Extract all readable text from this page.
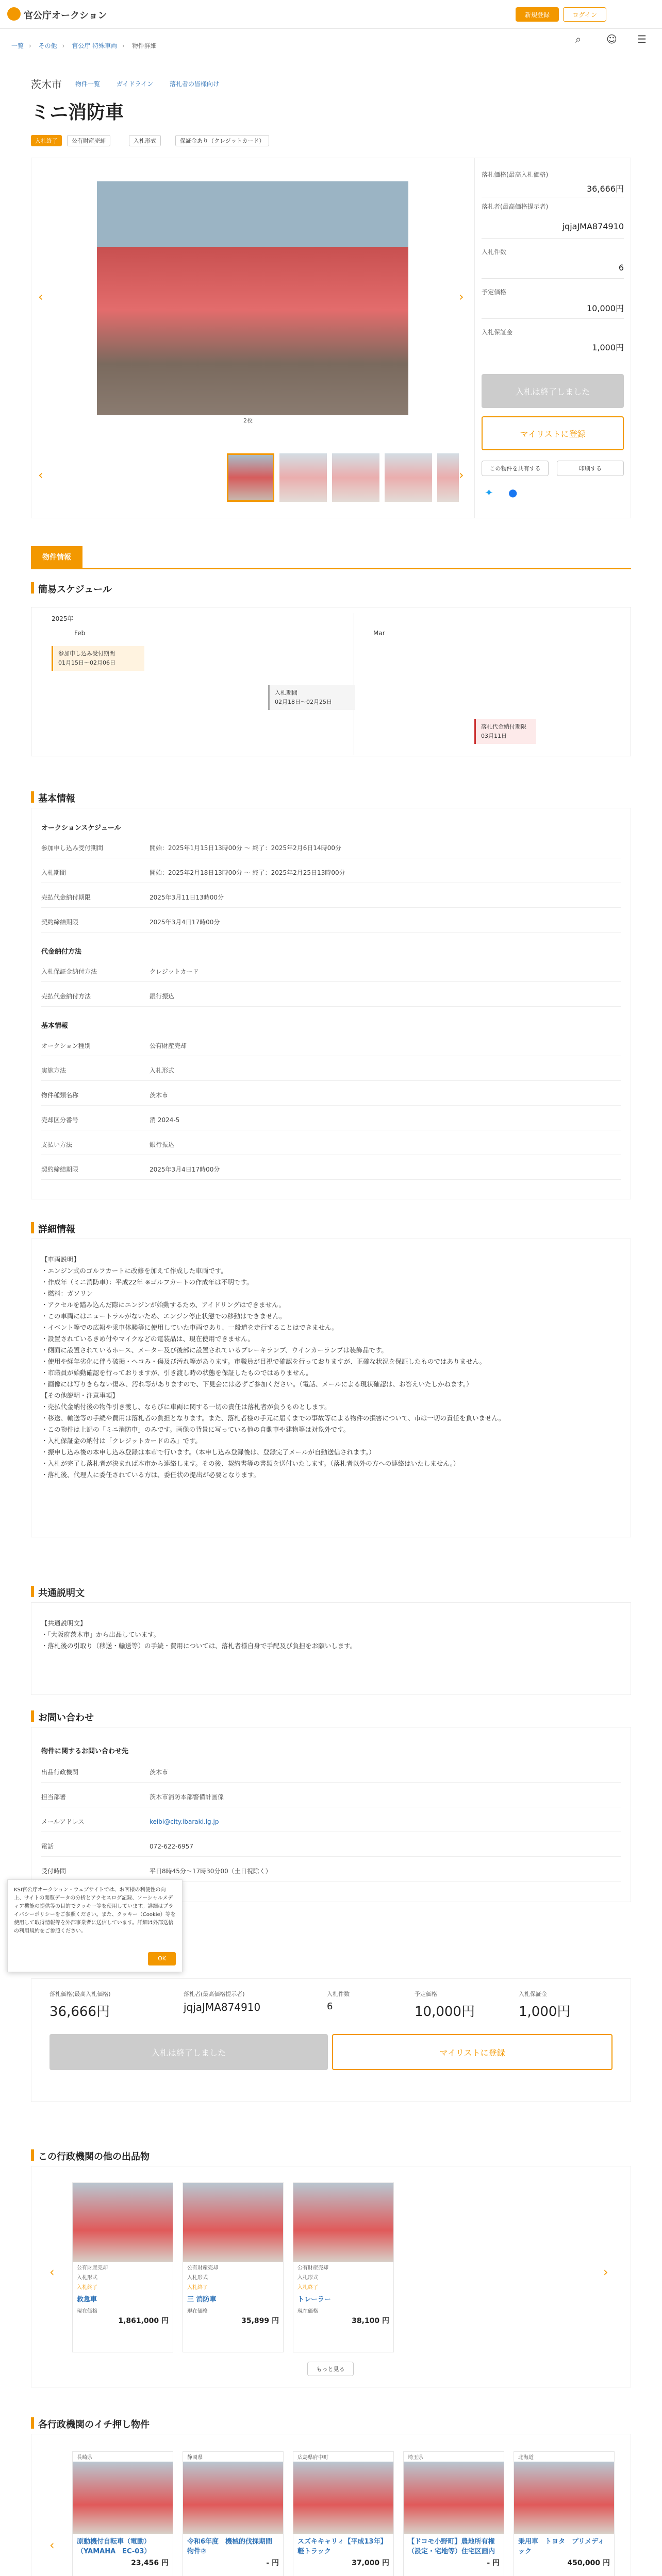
官公庁オークション	新規登録	ログイン
⌕ ☺ ☰
一覧 › その他 › 官公庁 特殊車両 › 物件詳細
茨木市 物件一覧	ガイドライン	落札者の皆様向け
ミニ消防車
入札終了	公有財産売却	入札形式	保証金あり（クレジットカード）
2枚
‹	›
‹	›
落札価格(最高入札価格)
36,666円
落札者(最高価格提示者)
jqjaJMA874910
入札件数
6
予定価格
10,000円
入札保証金
1,000円
入札は終了しました
マイリストに登録
この物件を共有する	印刷する
✦ ●
物件情報
簡易スケジュール
2025年
Feb	Mar
参加申し込み受付期間
01月15日～02月06日
入札期間
02月18日～02月25日
落札代金納付期限
03月11日
基本情報
オークションスケジュール
参加申し込み受付期間	開始：2025年1月15日13時00分 ～ 終了：2025年2月6日14時00分
入札期間	開始：2025年2月18日13時00分 ～ 終了：2025年2月25日13時00分
売払代金納付期限	2025年3月11日13時00分
契約締結期限	2025年3月4日17時00分
代金納付方法
入札保証金納付方法	クレジットカード
売払代金納付方法	銀行振込
基本情報
オークション種別	公有財産売却
実施方法	入札形式
物件種類名称	茨木市
売却区分番号	消 2024-5
支払い方法	銀行振込
契約締結期限	2025年3月4日17時00分
詳細情報
【車両説明】
・エンジン式のゴルフカートに改修を加えて作成した車両です。
・作成年（ミニ消防車）：平成22年 ※ゴルフカートの作成年は不明です。
・燃料：ガソリン
・アクセルを踏み込んだ際にエンジンが始動するため、アイドリングはできません。
・この車両にはニュートラルがないため、エンジン停止状態での移動はできません。
・イベント等での広報や乗車体験等に使用していた車両であり、一般道を走行することはできません。
・設置されているきめ付やマイクなどの電装品は、現在使用できません。
・側面に設置されているホース、メーター及び後部に設置されているブレーキランプ、ウインカーランプは装飾品です。
・使用や経年劣化に伴う破損・ヘコみ・傷及び汚れ等があります。市職員が目視で確認を行っておりますが、正確な状況を保証したものではありません。
・市職員が始動確認を行っておりますが、引き渡し時の状態を保証したものではありません。
・画像には写りきらない傷み、汚れ等がありますので、下見会には必ずご参加ください。（電話、メールによる現状確認は、お答えいたしかねます。）
【その他説明・注意事項】
・売払代金納付後の物件引き渡し、ならびに車両に関する一切の責任は落札者が負うものとします。
・移送、輸送等の手続や費用は落札者の負担となります。また、落札者様の手元に届くまでの事故等による物件の損害について、市は一切の責任を負いません。
・この物件は上記の「ミニ消防車」のみです。画像の背景に写っている他の自動車や建物等は対象外です。
・入札保証金の納付は「クレジットカードのみ」です。
・振申し込み後の本申し込み登録は本市で行います。（本申し込み登録後は、登録完了メールが自動送信されます。）
・入札が完了し落札者が決まれば本市から連絡します。その後、契約書等の書類を送付いたします。（落札者以外の方への連絡はいたしません。）
・落札後、代理人に委任されている方は、委任状の提出が必要となります。
共通説明文
【共通説明文】
・「大阪府茨木市」から出品しています。
・落札後の引取り（移送・輸送等）の手続・費用については、落札者様自身で手配及び負担をお願いします。
お問い合わせ
物件に関するお問い合わせ先
出品行政機関	茨木市
担当部署	茨木市消防本部警備計画係
メールアドレス	keibi@city.ibaraki.lg.jp
電話	072-622-6957
受付時間	平日8時45分～17時30分00（土日祝除く）
KSI官公庁オークション・ウェブサイトでは、お客様の利便性の向上、サイトの閲覧データの分析とアクセスログ記録、ソーシャルメディア機能の提供等の目的でクッキー等を使用しています。詳細はプライバシーポリシーをご参照ください。また、クッキー（Cookie）等を使用して取得情報等を外部事業者に送信しています。詳細は外部送信の利用規約をご参照ください。
OK
落札価格(最高入札価格)
36,666円
落札者(最高価格提示者)
jqjaJMA874910
入札件数
6
予定価格
10,000円
入札保証金
1,000円
入札は終了しました	マイリストに登録
この行政機関の他の出品物
‹	›
公有財産売却
入札形式
入札終了
救急車
現在価格
1,861,000 円
公有財産売却
入札形式
入札終了
三 消防車
現在価格
35,899 円
公有財産売却
入札形式
入札終了
トレーラー
現在価格
38,100 円
もっと見る
各行政機関のイチ押し物件
‹
長崎県
原動機付自転車（電動）（YAMAHA　EC-03）
23,456 円
静岡県
令和6年度　機械的伐採期間　物件②
- 円
広島県府中町
スズキキャリィ【平成13年】軽トラック
37,000 円
埼玉県
【ドコモ小野町】農地所有権（設定・宅地等）住宅区画内
- 円
北海道
乗用車　トヨタ　プリメディック
450,000 円
